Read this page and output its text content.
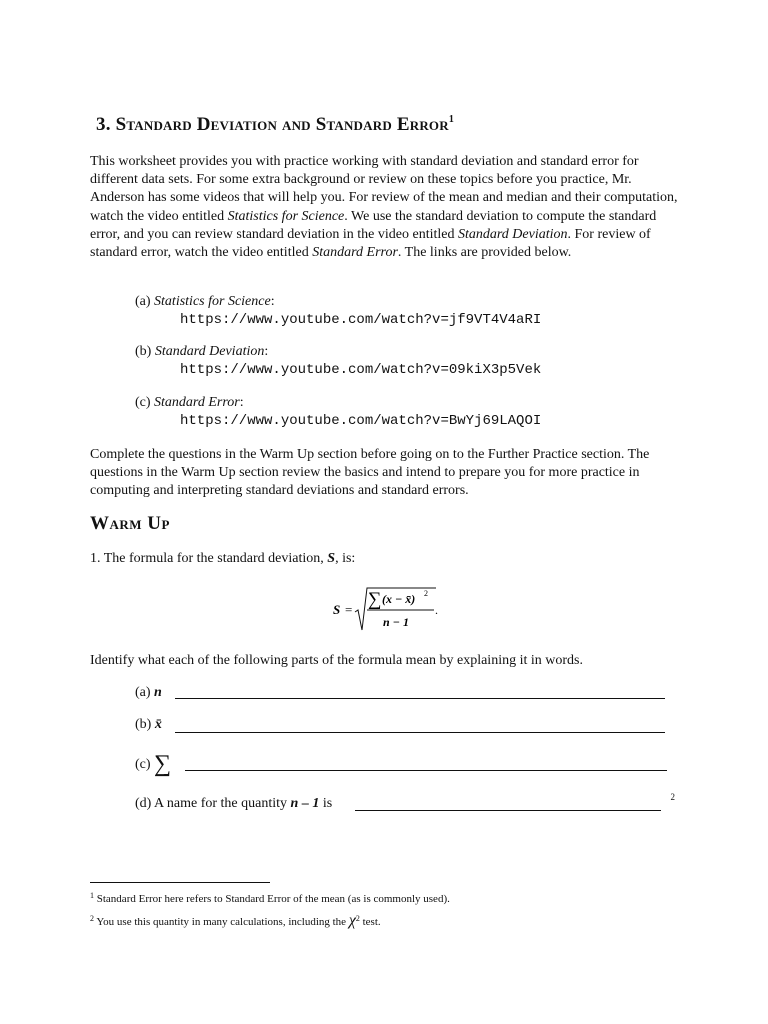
3. Standard Deviation and Standard Error$^1$
This worksheet provides you with practice working with standard deviation and standard error for different data sets. For some extra background or review on these topics before you practice, Mr. Anderson has some videos that will help you. For review of the mean and median and their computation, watch the video entitled Statistics for Science. We use the standard deviation to compute the standard error, and you can review standard deviation in the video entitled Standard Deviation. For review of standard error, watch the video entitled Standard Error. The links are provided below.
(a) Statistics for Science:
https://www.youtube.com/watch?v=jf9VT4V4aRI
(b) Standard Deviation:
https://www.youtube.com/watch?v=09kiX3p5Vek
(c) Standard Error:
https://www.youtube.com/watch?v=BwYj69LAQOI
Complete the questions in the Warm Up section before going on to the Further Practice section. The questions in the Warm Up section review the basics and intend to prepare you for more practice in computing and interpreting standard deviations and standard errors.
Warm Up
1. The formula for the standard deviation, S, is:
S = ∑ (x − x̄) 2
n − 1
.
Identify what each of the following parts of the formula mean by explaining it in words.
(a) n
(b) x̄
(c) ∑
(d) A name for the quantity n – 1 is	2
$^1$ Standard Error here refers to Standard Error of the mean (as is commonly used).
$^2$ You use this quantity in many calculations, including the $\chi^2$ test.
